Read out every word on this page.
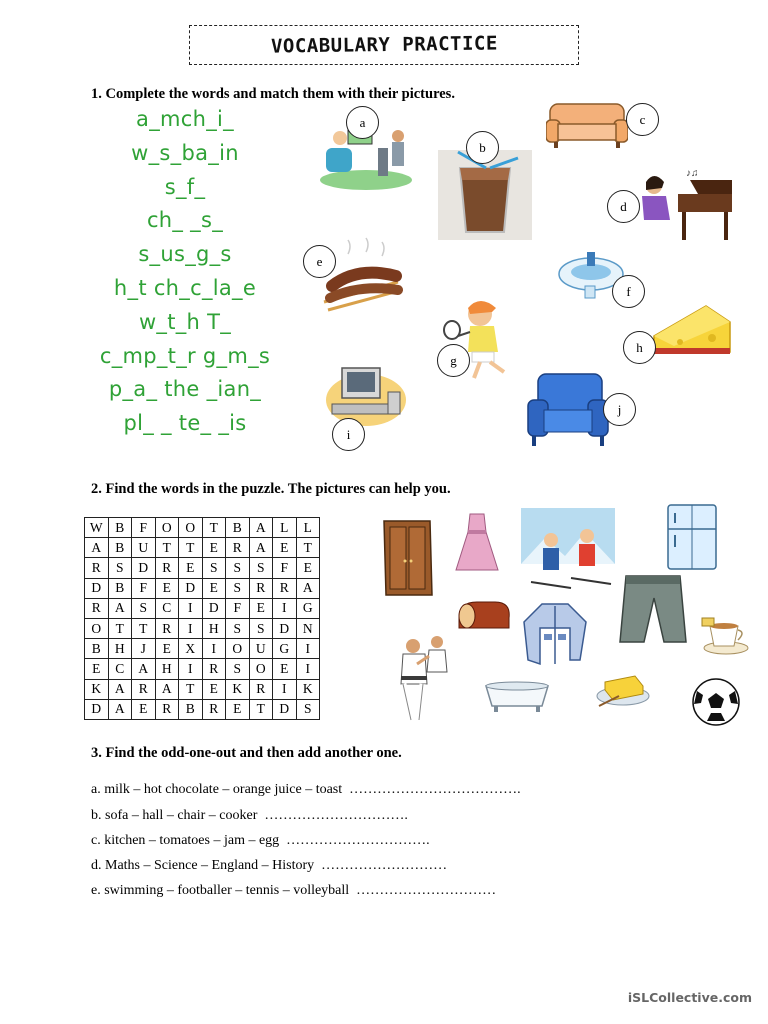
VOCABULARY PRACTICE
1. Complete the words and match them with their pictures.
a_mch_i_
w_s_ba_in
s_f_
ch_ _s_
s_us_g_s
h_t ch_c_la_e
w_t_h T_
c_mp_t_r g_m_s
p_a_ the _ian_
pl_ _ te_ _is
a
b
c
♪♫
d
e
f
g
h
i
j
2. Find the words in the puzzle. The pictures can help you.
W	B	F	O	O	T	B	A	L	L
A	B	U	T	T	E	R	A	E	T
R	S	D	R	E	S	S	S	F	E
D	B	F	E	D	E	S	R	R	A
R	A	S	C	I	D	F	E	I	G
O	T	T	R	I	H	S	S	D	N
B	H	J	E	X	I	O	U	G	I
E	C	A	H	I	R	S	O	E	I
K	A	R	A	T	E	K	R	I	K
D	A	E	R	B	R	E	T	D	S
3. Find the odd-one-out and then add another one.
a. milk – hot chocolate – orange juice – toast  ……………………………….
b. sofa – hall – chair – cooker  ………………………….
c. kitchen – tomatoes – jam – egg  ………………………….
d. Maths – Science – England – History  ………………………
e. swimming – footballer – tennis – volleyball  …………………………
iSLCollective.com
